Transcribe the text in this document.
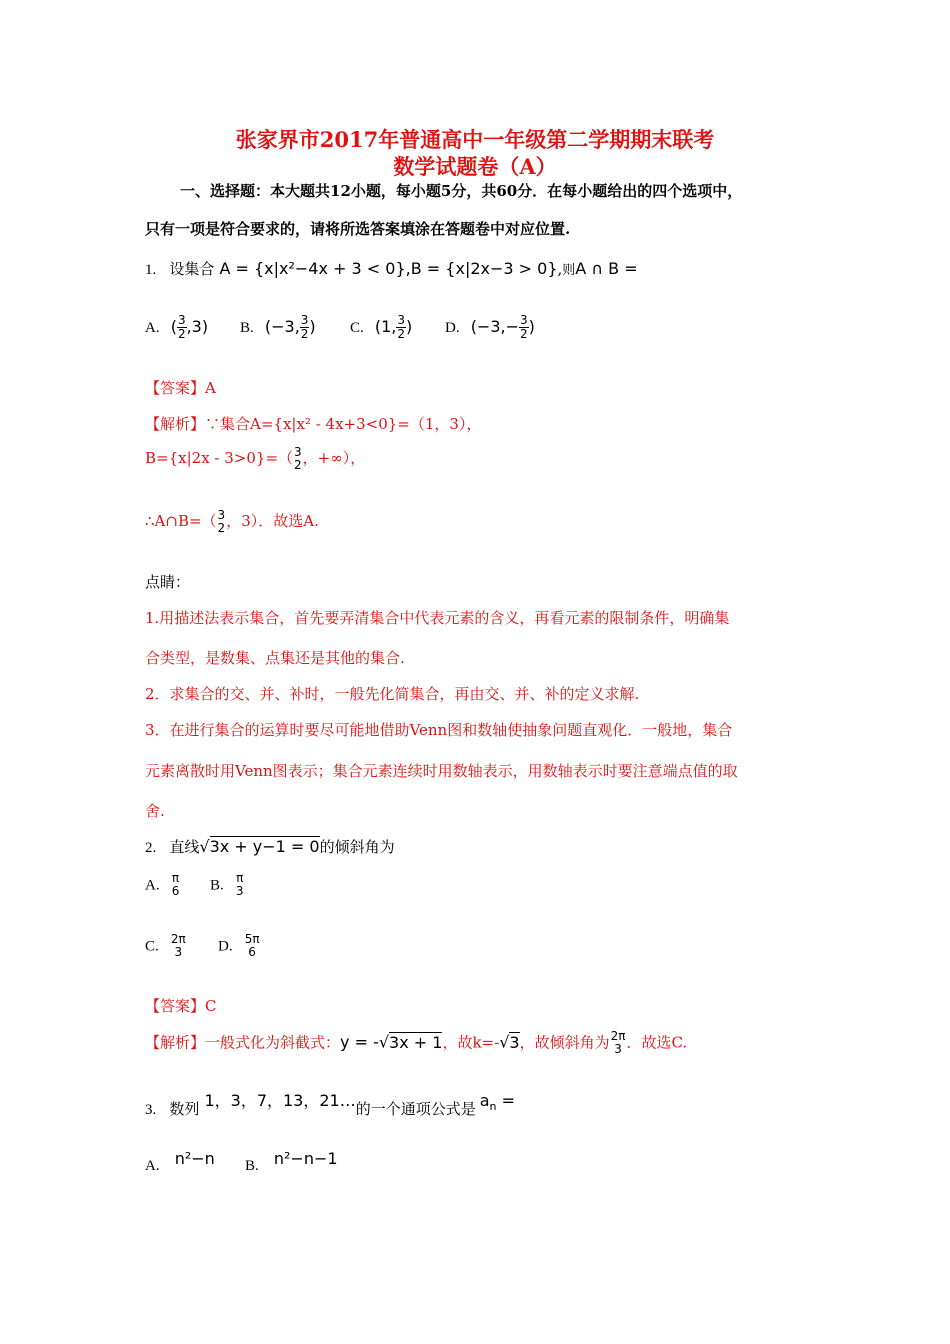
张家界市2017年普通高中一年级第二学期期末联考
数学试题卷（A）
一、选择题：本大题共12小题，每小题5分，共60分．在每小题给出的四个选项中，
只有一项是符合要求的，请将所选答案填涂在答题卷中对应位置.
1. 设集合 A = {x|x²−4x + 3 < 0},B = {x|2x−3 > 0},则A ∩ B =
A. ( $\frac{3}{2} ,3$) B. (−3, $\frac{3}{2}$ ) C. (1, $\frac{3}{2}$ ) D. ($-3,- \frac{3}{2}$ )
【答案】A
【解析】∵集合A={x|x² - 4x+3<0}=（1，3），
B={x|2x - 3>0}=（ 3
2 ，+∞），
∴A∩B=（ 3
2 ，3）．故选A.
点睛：
1.用描述法表示集合，首先要弄清集合中代表元素的含义，再看元素的限制条件，明确集
合类型，是数集、点集还是其他的集合.
2．求集合的交、并、补时，一般先化简集合，再由交、并、补的定义求解.
3．在进行集合的运算时要尽可能地借助Venn图和数轴使抽象问题直观化．一般地，集合
元素离散时用Venn图表示；集合元素连续时用数轴表示，用数轴表示时要注意端点值的取
舍.
2. 直线√3x + y−1 = 0的倾斜角为
A. π
6 B. π
3
C. 2π
3	D. 5π
6
【答案】C
【解析】一般式化为斜截式：y = -√3x + 1，故k=-√3，故倾斜角为 2π
3 ．故选C.
3. 数列 1，3，7，13，21…的一个通项公式是 $a_n$ =
A. n²−n B. n²−n−1
